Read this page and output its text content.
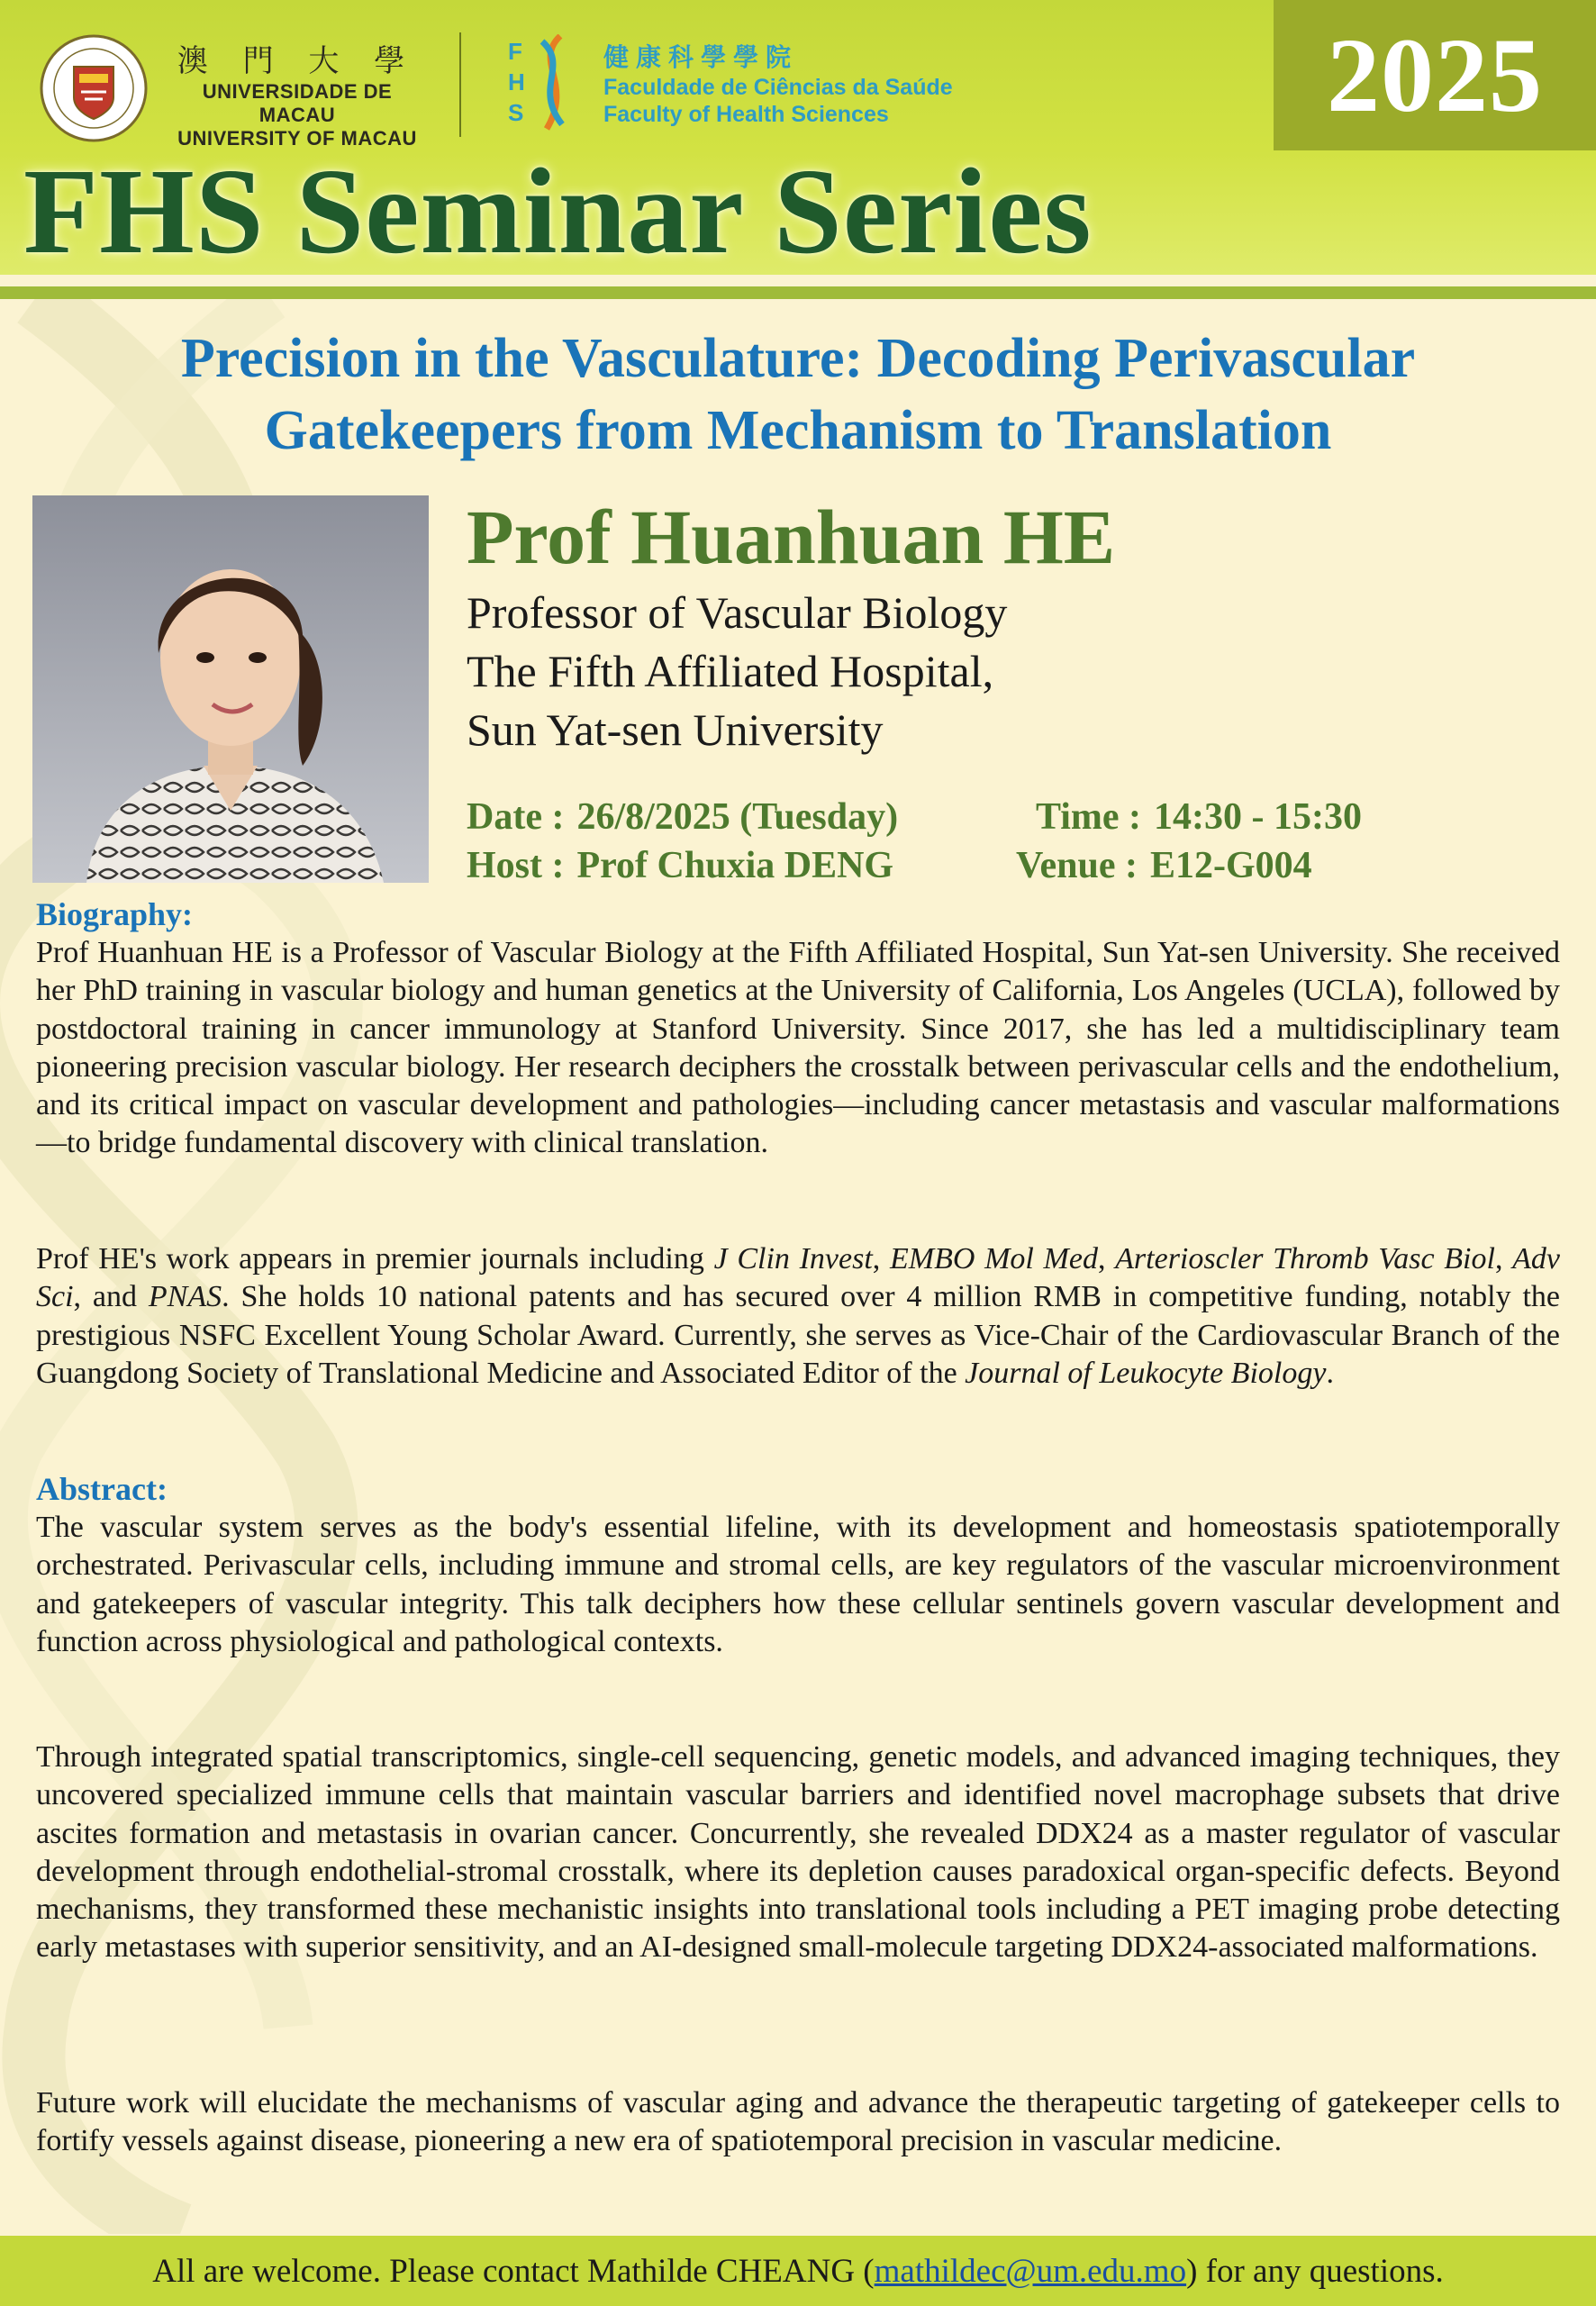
2025
澳 門 大 學
UNIVERSIDADE DE MACAU
UNIVERSITY OF MACAU
F
H
S
健康科學學院
Faculdade de Ciências da Saúde
Faculty of Health Sciences
FHS Seminar Series
Precision in the Vasculature: Decoding Perivascular
Gatekeepers from Mechanism to Translation
Prof Huanhuan HE
Professor of Vascular Biology
The Fifth Affiliated Hospital,
Sun Yat-sen University
Date : 26/8/2025 (Tuesday)	Time : 14:30 - 15:30
Host : Prof Chuxia DENG	Venue : E12-G004
Biography:
Prof Huanhuan HE is a Professor of Vascular Biology at the Fifth Affiliated Hospital, Sun Yat-sen University. She received her PhD training in vascular biology and human genetics at the University of California, Los Angeles (UCLA), followed by postdoctoral training in cancer immunology at Stanford University. Since 2017, she has led a multidisciplinary team pioneering precision vascular biology. Her research deciphers the crosstalk between perivascular cells and the endothelium, and its critical impact on vascular development and pathologies—including cancer metastasis and vascular malformations—to bridge fundamental discovery with clinical translation.
Prof HE's work appears in premier journals including J Clin Invest, EMBO Mol Med, Arterioscler Thromb Vasc Biol, Adv Sci, and PNAS. She holds 10 national patents and has secured over 4 million RMB in competitive funding, notably the prestigious NSFC Excellent Young Scholar Award. Currently, she serves as Vice-Chair of the Cardiovascular Branch of the Guangdong Society of Translational Medicine and Associated Editor of the Journal of Leukocyte Biology.
Abstract:
The vascular system serves as the body's essential lifeline, with its development and homeostasis spatiotemporally orchestrated. Perivascular cells, including immune and stromal cells, are key regulators of the vascular microenvironment and gatekeepers of vascular integrity. This talk deciphers how these cellular sentinels govern vascular development and function across physiological and pathological contexts.
Through integrated spatial transcriptomics, single-cell sequencing, genetic models, and advanced imaging techniques, they uncovered specialized immune cells that maintain vascular barriers and identified novel macrophage subsets that drive ascites formation and metastasis in ovarian cancer. Concurrently, she revealed DDX24 as a master regulator of vascular development through endothelial-stromal crosstalk, where its depletion causes paradoxical organ-specific defects. Beyond mechanisms, they transformed these mechanistic insights into translational tools including a PET imaging probe detecting early metastases with superior sensitivity, and an AI-designed small-molecule targeting DDX24-associated malformations.
Future work will elucidate the mechanisms of vascular aging and advance the therapeutic targeting of gatekeeper cells to fortify vessels against disease, pioneering a new era of spatiotemporal precision in vascular medicine.
All are welcome. Please contact Mathilde CHEANG ( mathildec@um.edu.mo ) for any questions.
